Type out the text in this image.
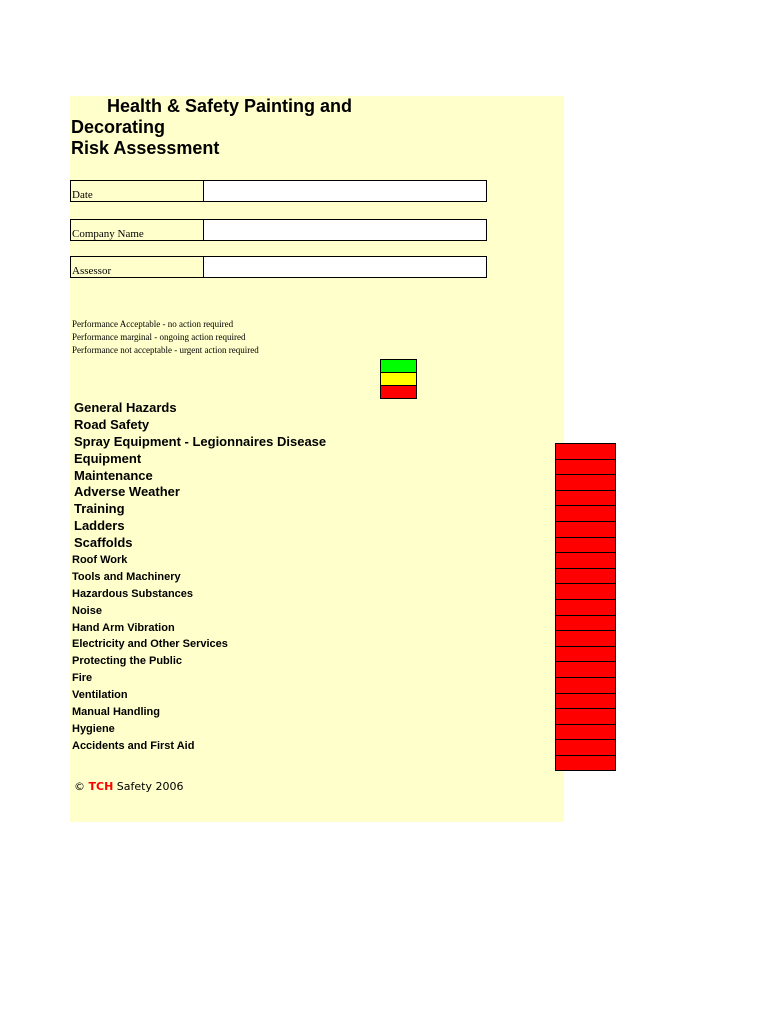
Health & Safety Painting and
Decorating
Risk Assessment
Date
Company Name
Assessor
Performance Acceptable - no action required
Performance marginal - ongoing action required
Performance not acceptable - urgent action required
General Hazards
Road Safety
Spray Equipment - Legionnaires Disease
Equipment
Maintenance
Adverse Weather
Training
Ladders
Scaffolds
Roof Work
Tools and Machinery
Hazardous Substances
Noise
Hand Arm Vibration
Electricity and Other Services
Protecting the Public
Fire
Ventilation
Manual Handling
Hygiene
Accidents and First Aid
© TCH Safety 2006
